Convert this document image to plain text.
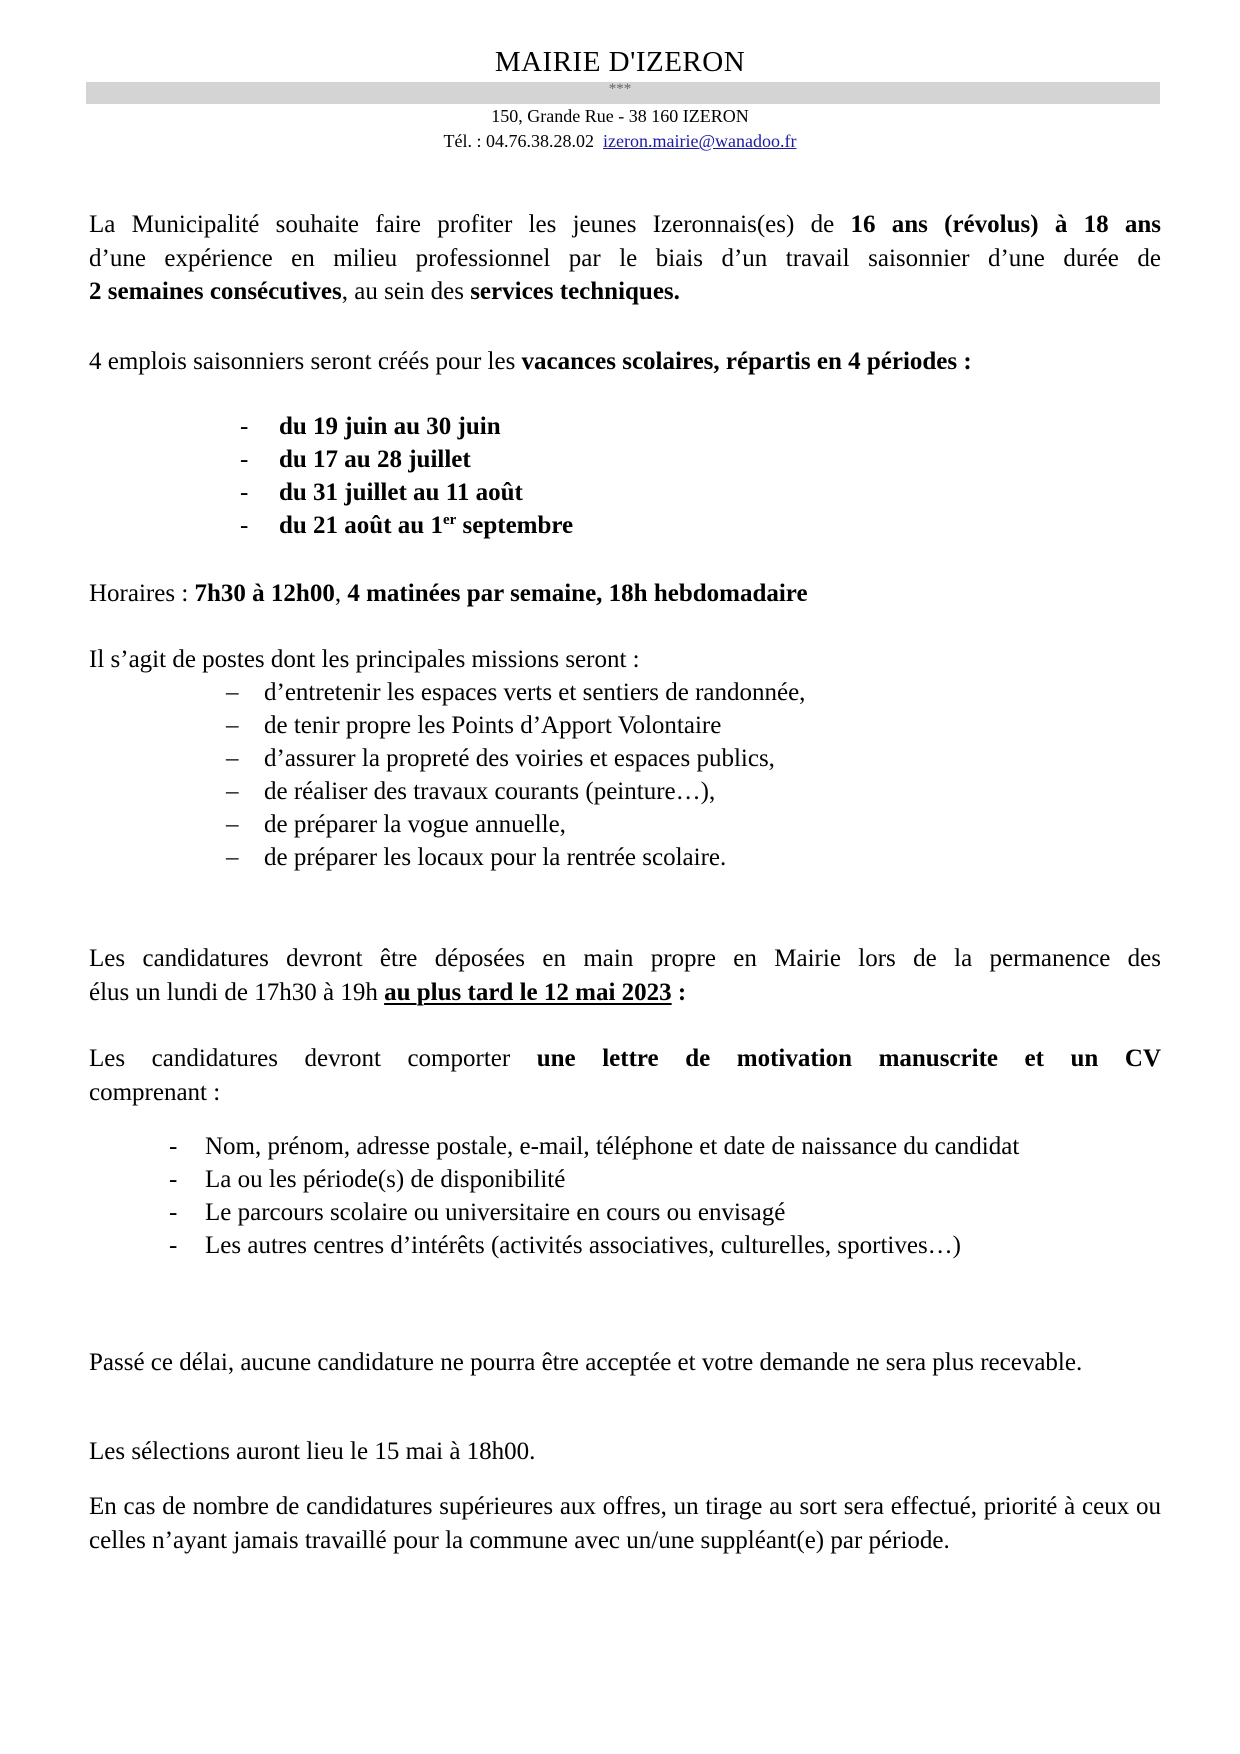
MAIRIE D'IZERON
***
150, Grande Rue - 38 160 IZERON
Tél. : 04.76.38.28.02 izeron.mairie@wanadoo.fr
La Municipalité souhaite faire profiter les jeunes Izeronnais(es) de 16 ans (révolus) à 18 ans
d’une expérience en milieu professionnel par le biais d’un travail saisonnier d’une durée de
2 semaines consécutives, au sein des services techniques.
4 emplois saisonniers seront créés pour les vacances scolaires, répartis en 4 périodes :
- du 19 juin au 30 juin
- du 17 au 28 juillet
- du 31 juillet au 11 août
- du 21 août au 1er septembre
Horaires : 7h30 à 12h00, 4 matinées par semaine, 18h hebdomadaire
Il s’agit de postes dont les principales missions seront :
– d’entretenir les espaces verts et sentiers de randonnée,
– de tenir propre les Points d’Apport Volontaire
– d’assurer la propreté des voiries et espaces publics,
– de réaliser des travaux courants (peinture…),
– de préparer la vogue annuelle,
– de préparer les locaux pour la rentrée scolaire.
Les candidatures devront être déposées en main propre en Mairie lors de la permanence des
élus un lundi de 17h30 à 19h au plus tard le 12 mai 2023 :
Les candidatures devront comporter une lettre de motivation manuscrite et un CV
comprenant :
- Nom, prénom, adresse postale, e-mail, téléphone et date de naissance du candidat
- La ou les période(s) de disponibilité
- Le parcours scolaire ou universitaire en cours ou envisagé
- Les autres centres d’intérêts (activités associatives, culturelles, sportives…)
Passé ce délai, aucune candidature ne pourra être acceptée et votre demande ne sera plus recevable.
Les sélections auront lieu le 15 mai à 18h00.
En cas de nombre de candidatures supérieures aux offres, un tirage au sort sera effectué, priorité à ceux ou celles n’ayant jamais travaillé pour la commune avec un/une suppléant(e) par période.
